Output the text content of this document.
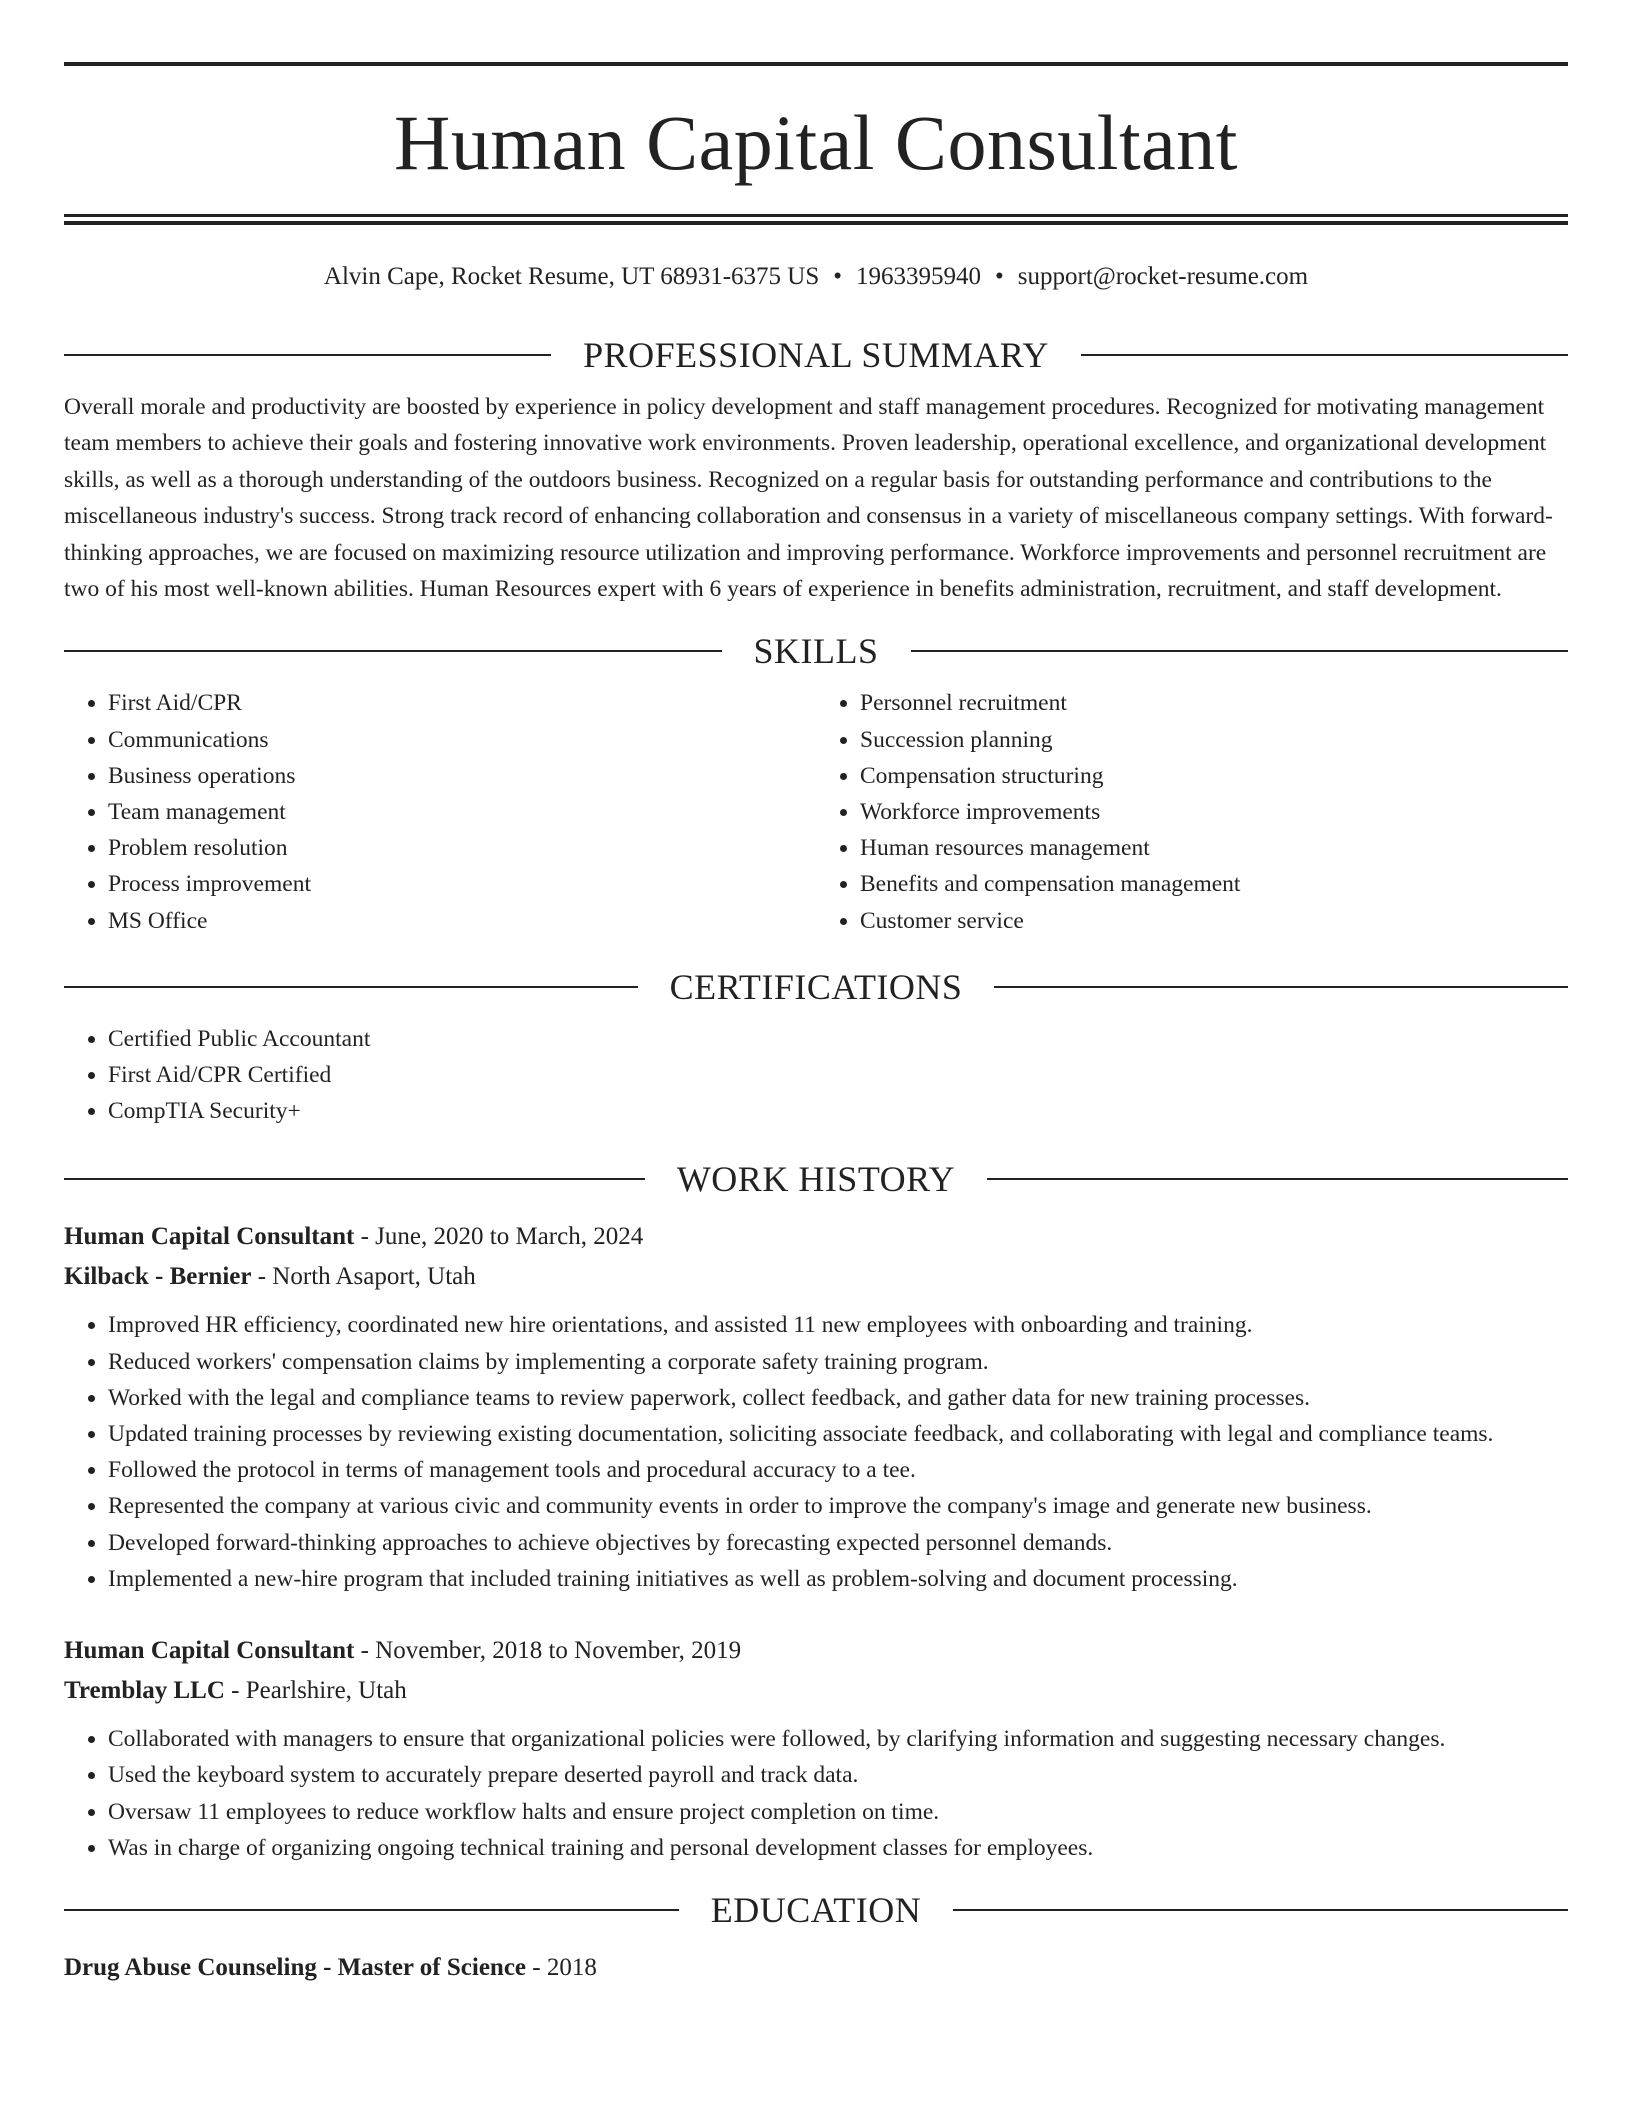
Human Capital Consultant
Alvin Cape, Rocket Resume, UT 68931-6375 US • 1963395940 • support@rocket-resume.com
PROFESSIONAL SUMMARY
Overall morale and productivity are boosted by experience in policy development and staff management procedures. Recognized for motivating management team members to achieve their goals and fostering innovative work environments. Proven leadership, operational excellence, and organizational development skills, as well as a thorough understanding of the outdoors business. Recognized on a regular basis for outstanding performance and contributions to the miscellaneous industry's success. Strong track record of enhancing collaboration and consensus in a variety of miscellaneous company settings. With forward-thinking approaches, we are focused on maximizing resource utilization and improving performance. Workforce improvements and personnel recruitment are two of his most well-known abilities. Human Resources expert with 6 years of experience in benefits administration, recruitment, and staff development.
SKILLS
• First Aid/CPR
• Communications
• Business operations
• Team management
• Problem resolution
• Process improvement
• MS Office
• Personnel recruitment
• Succession planning
• Compensation structuring
• Workforce improvements
• Human resources management
• Benefits and compensation management
• Customer service
CERTIFICATIONS
• Certified Public Accountant
• First Aid/CPR Certified
• CompTIA Security+
WORK HISTORY
Human Capital Consultant - June, 2020 to March, 2024
Kilback - Bernier - North Asaport, Utah
• Improved HR efficiency, coordinated new hire orientations, and assisted 11 new employees with onboarding and training.
• Reduced workers' compensation claims by implementing a corporate safety training program.
• Worked with the legal and compliance teams to review paperwork, collect feedback, and gather data for new training processes.
• Updated training processes by reviewing existing documentation, soliciting associate feedback, and collaborating with legal and compliance teams.
• Followed the protocol in terms of management tools and procedural accuracy to a tee.
• Represented the company at various civic and community events in order to improve the company's image and generate new business.
• Developed forward-thinking approaches to achieve objectives by forecasting expected personnel demands.
• Implemented a new-hire program that included training initiatives as well as problem-solving and document processing.
Human Capital Consultant - November, 2018 to November, 2019
Tremblay LLC - Pearlshire, Utah
• Collaborated with managers to ensure that organizational policies were followed, by clarifying information and suggesting necessary changes.
• Used the keyboard system to accurately prepare deserted payroll and track data.
• Oversaw 11 employees to reduce workflow halts and ensure project completion on time.
• Was in charge of organizing ongoing technical training and personal development classes for employees.
EDUCATION
Drug Abuse Counseling - Master of Science - 2018
